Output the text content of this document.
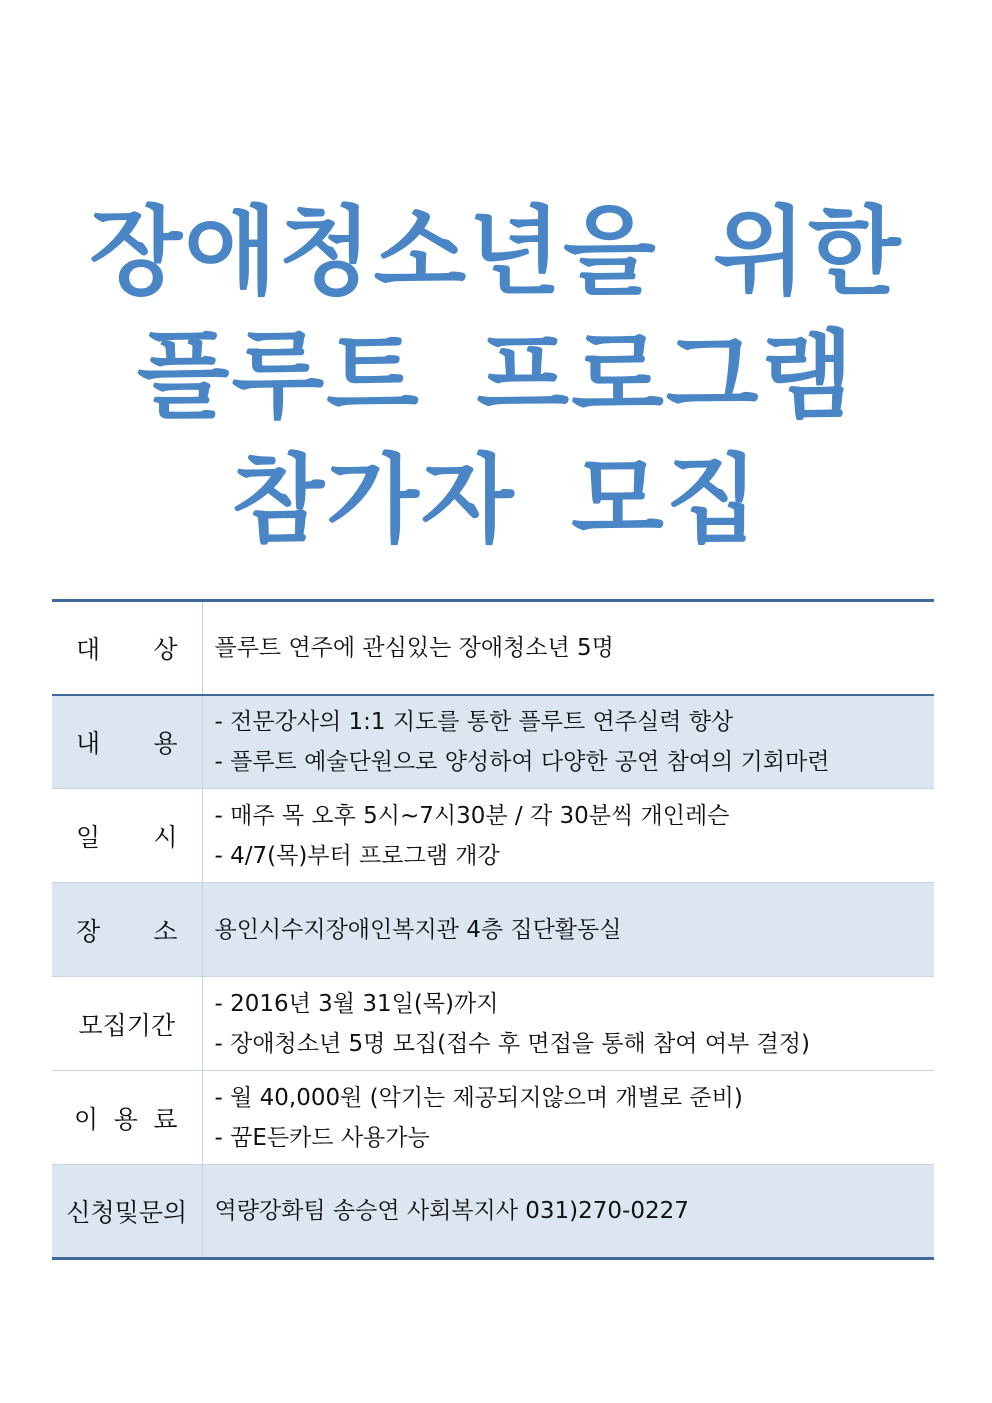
장애청소년을 위한
플루트 프로그램
참가자 모집
대 상	플루트 연주에 관심있는 장애청소년 5명

내 용	- 전문강사의 1:1 지도를 통한 플루트 연주실력 향상
- 플루트 예술단원으로 양성하여 다양한 공연 참여의 기회마련

일 시	- 매주 목 오후 5시~7시30분 / 각 30분씩 개인레슨
- 4/7(목)부터 프로그램 개강

장 소	용인시수지장애인복지관 4층 집단활동실

모집기간	- 2016년 3월 31일(목)까지
- 장애청소년 5명 모집(접수 후 면접을 통해 참여 여부 결정)

이 용 료	- 월 40,000원 (악기는 제공되지않으며 개별로 준비)
- 꿈E든카드 사용가능

신청및문의	역량강화팀 송승연 사회복지사 031)270-0227
